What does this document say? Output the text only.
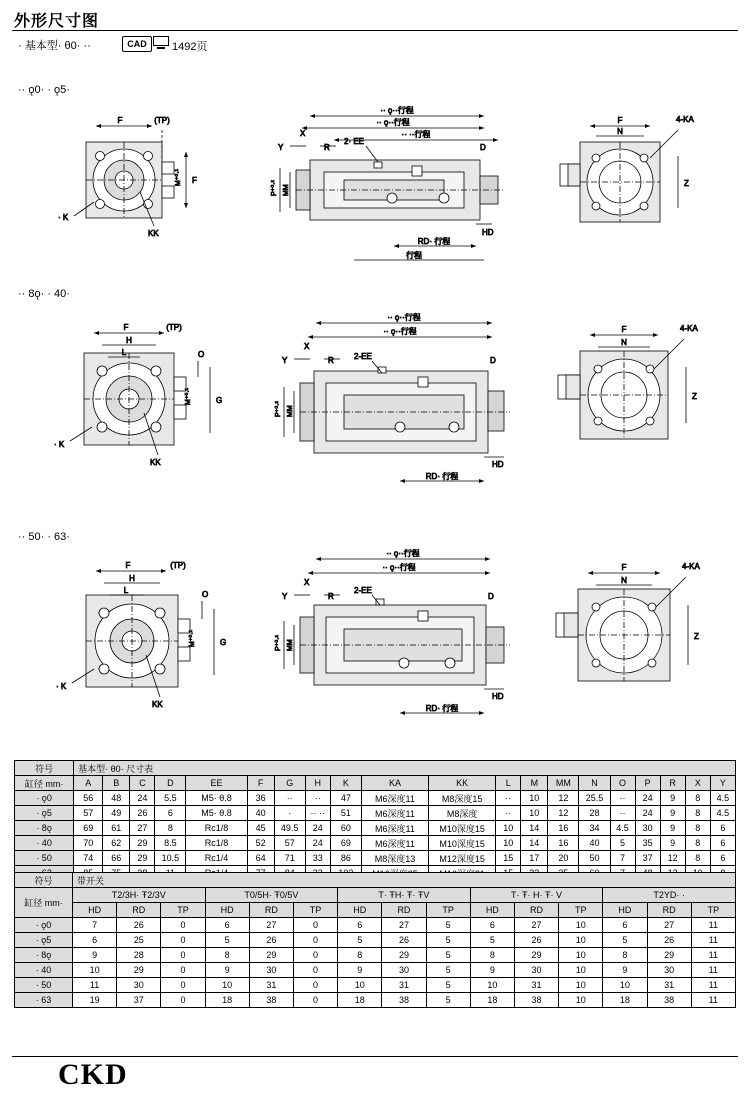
外形尺寸图
· 基本型· θ0· ··	CAD	1492页
·· ǫ0· · ǫ5·
·· 8ǫ· · 40·
·· 50· · 63·
F	(TP)
F
M⁺⁰·¹
· K
KK
·· ǫ··行程
·· ǫ··行程
·· ··行程
X
Y	R	D
2· EE
P⁺⁰·² MM
HD
RD· 行程
行程
F
N
Z
4-KA
F	(TP)
H
L	O
G
M⁺⁰·¹
· K
KK
·· ǫ··行程
·· ǫ··行程
X
Y	R	D
2-EE
P⁺⁰·² MM
HD
RD· 行程
F
N
Z
4-KA
F	(TP)
H
L	O
G
M⁺⁰·¹
· K
KK
·· ǫ··行程
·· ǫ··行程
X
Y	R	D
2-EE
P⁺⁰·² MM
HD
RD· 行程
F
N
Z
4-KA
符号	基本型· θ0· 尺寸表																			
缸径 mm·	A	B	C	D	EE	F	G	H	K	KA	KK	L	M	MM	N	O	P	R	X	Y
· ǫ0	56	48	24	5.5	M5· θ.8	36	··	··	47	M6深度11	M8深度15	··	10	12	25.5	··	24	9	8	4.5
· ǫ5	57	49	26	6	M5· θ.8	40	·	·· ··	51	M6深度11	M8深度	··	10	12	28	··	24	9	8	4.5
· 8ǫ	69	61	27	8	Rc1/8	45	49.5	24	60	M6深度11	M10深度15	10	14	16	34	4.5	30	9	8	6
· 40	70	62	29	8.5	Rc1/8	52	57	24	69	M6深度11	M10深度15	10	14	16	40	5	35	9	8	6
· 50	74	66	29	10.5	Rc1/4	64	71	33	86	M8深度13	M12深度15	15	17	20	50	7	37	12	8	6

符号	带开关														
缸径 mm·	T2/3H· Ŧ2/3V			T0/5H· Ŧ0/5V			T· ŦH· Ŧ· ŦV			T· Ŧ· H· Ŧ· V			T2YD· ·		
	HD	RD	TP	HD	RD	TP	HD	RD	TP	HD	RD	TP	HD	RD	TP
· ǫ0	7	26	0	6	27	0	6	27	5	6	27	10	6	27	11
· ǫ5	6	25	0	5	26	0	5	26	5	5	26	10	5	26	11
· 8ǫ	9	28	0	8	29	0	8	29	5	8	29	10	8	29	11
· 40	10	29	0	9	30	0	9	30	5	9	30	10	9	30	11
· 50	11	30	0	10	31	0	10	31	5	10	31	10	10	31	11
· 63	19	37	0	18	38	0	18	38	5	18	38	10	18	38	11
CKD
